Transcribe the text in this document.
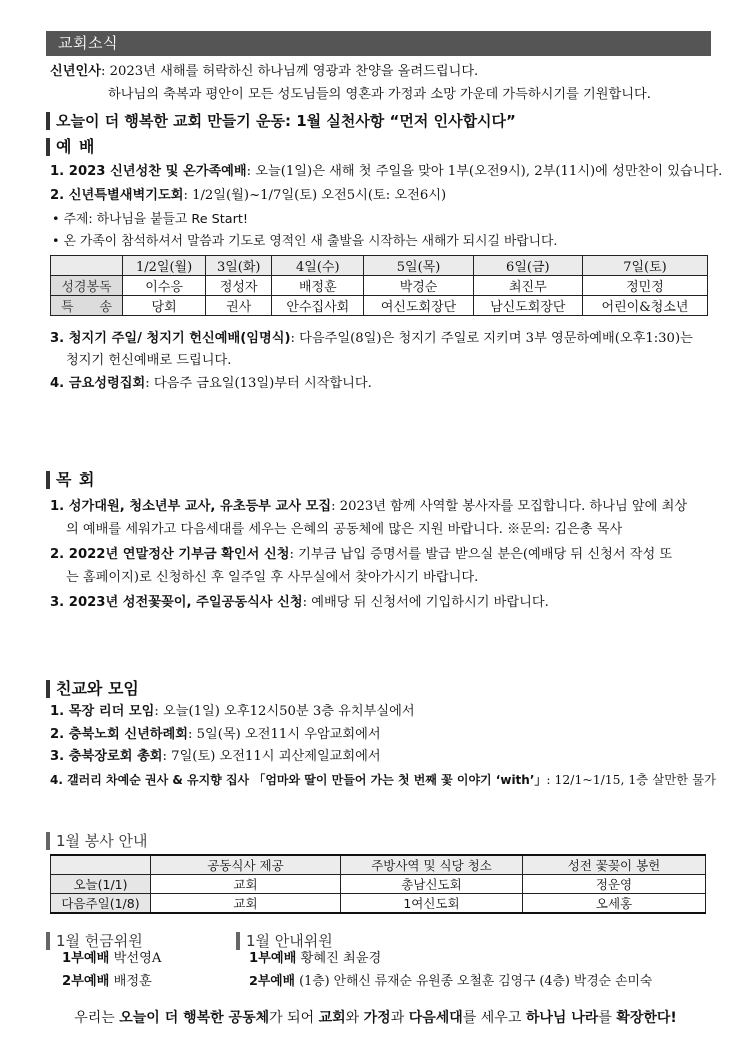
교회소식
신년인사: 2023년 새해를 허락하신 하나님께 영광과 찬양을 올려드립니다.
하나님의 축복과 평안이 모든 성도님들의 영혼과 가정과 소망 가운데 가득하시기를 기원합니다.
오늘이 더 행복한 교회 만들기 운동: 1월 실천사항 “먼저 인사합시다”
예 배
1. 2023 신년성찬 및 온가족예배: 오늘(1일)은 새해 첫 주일을 맞아 1부(오전9시), 2부(11시)에 성만찬이 있습니다.
2. 신년특별새벽기도회: 1/2일(월)~1/7일(토) 오전5시(토: 오전6시)
• 주제: 하나님을 붙들고 Re Start!
• 온 가족이 참석하셔서 말씀과 기도로 영적인 새 출발을 시작하는 새해가 되시길 바랍니다.
	1/2일(월)	3일(화)	4일(수)	5일(목)	6일(금)	7일(토)
성경봉독	이수응	정성자	배정훈	박경순	최진무	정민정
특　　송	당회	권사	안수집사회	여신도회장단	남신도회장단	어린이&청소년
3. 청지기 주일/ 청지기 헌신예배(임명식): 다음주일(8일)은 청지기 주일로 지키며 3부 영문하예배(오후1:30)는
청지기 헌신예배로 드립니다.
4. 금요성령집회: 다음주 금요일(13일)부터 시작합니다.
목 회
1. 성가대원, 청소년부 교사, 유초등부 교사 모집: 2023년 함께 사역할 봉사자를 모집합니다. 하나님 앞에 최상
의 예배를 세워가고 다음세대를 세우는 은혜의 공동체에 많은 지원 바랍니다. ※문의: 김은총 목사
2. 2022년 연말정산 기부금 확인서 신청: 기부금 납입 증명서를 발급 받으실 분은(예배당 뒤 신청서 작성 또
는 홈페이지)로 신청하신 후 일주일 후 사무실에서 찾아가시기 바랍니다.
3. 2023년 성전꽃꽂이, 주일공동식사 신청: 예배당 뒤 신청서에 기입하시기 바랍니다.
친교와 모임
1. 목장 리더 모임: 오늘(1일) 오후12시50분 3층 유치부실에서
2. 충북노회 신년하례회: 5일(목) 오전11시 우암교회에서
3. 충북장로회 총회: 7일(토) 오전11시 괴산제일교회에서
4. 갤러리 차예순 권사 & 유지향 집사 「엄마와 딸이 만들어 가는 첫 번째 꽃 이야기 ‘with’」: 12/1~1/15, 1층 살만한 물가
1월 봉사 안내
	공동식사 제공	주방사역 및 식당 청소	성전 꽃꽂이 봉헌
오늘(1/1)	교회	총남신도회	정운영
다음주일(1/8)	교회	1여신도회	오세홍
1월 헌금위원
1부예배 박선영A
2부예배 배정훈
1월 안내위원
1부예배 황혜진 최윤경
2부예배 (1층) 안해신 류재순 유원종 오철훈 김영구 (4층) 박경순 손미숙
우리는 오늘이 더 행복한 공동체가 되어 교회와 가정과 다음세대를 세우고 하나님 나라를 확장한다!
